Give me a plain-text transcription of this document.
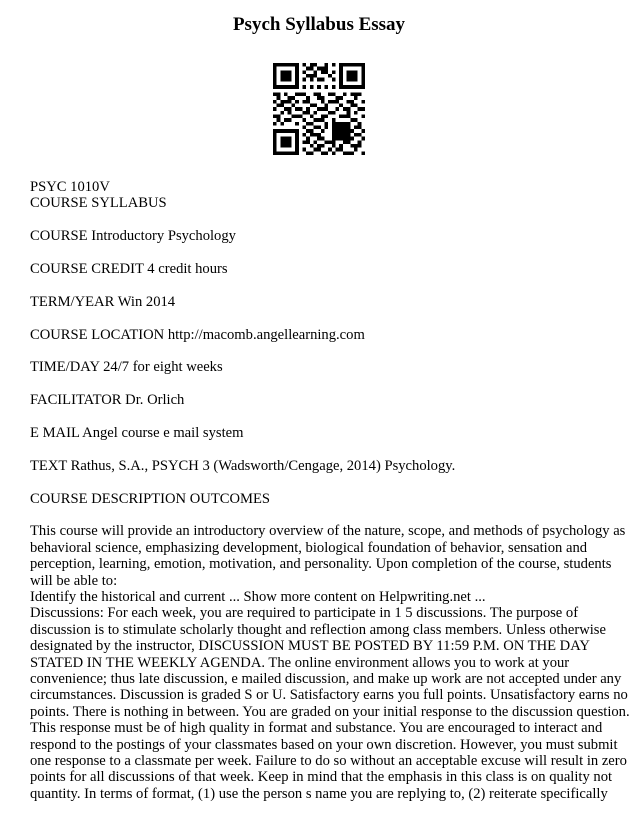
Psych Syllabus Essay

PSYC 1010V

COURSE SYLLABUS

COURSE Introductory Psychology

COURSE CREDIT 4 credit hours

TERM/YEAR Win 2014

COURSE LOCATION http://macomb.angellearning.com

TIME/DAY 24/7 for eight weeks

FACILITATOR Dr. Orlich

E MAIL Angel course e mail system

TEXT Rathus, S.A., PSYCH 3 (Wadsworth/Cengage, 2014) Psychology.

COURSE DESCRIPTION OUTCOMES

This course will provide an introductory overview of the nature, scope, and methods of psychology as

behavioral science, emphasizing development, biological foundation of behavior, sensation and

perception, learning, emotion, motivation, and personality. Upon completion of the course, students

will be able to:

Identify the historical and current ... Show more content on Helpwriting.net ...

Discussions: For each week, you are required to participate in 1 5 discussions. The purpose of

discussion is to stimulate scholarly thought and reflection among class members. Unless otherwise

designated by the instructor, DISCUSSION MUST BE POSTED BY 11:59 P.M. ON THE DAY

STATED IN THE WEEKLY AGENDA. The online environment allows you to work at your

convenience; thus late discussion, e mailed discussion, and make up work are not accepted under any

circumstances. Discussion is graded S or U. Satisfactory earns you full points. Unsatisfactory earns no

points. There is nothing in between. You are graded on your initial response to the discussion question.

This response must be of high quality in format and substance. You are encouraged to interact and

respond to the postings of your classmates based on your own discretion. However, you must submit

one response to a classmate per week. Failure to do so without an acceptable excuse will result in zero

points for all discussions of that week. Keep in mind that the emphasis in this class is on quality not

quantity. In terms of format, (1) use the person s name you are replying to, (2) reiterate specifically
